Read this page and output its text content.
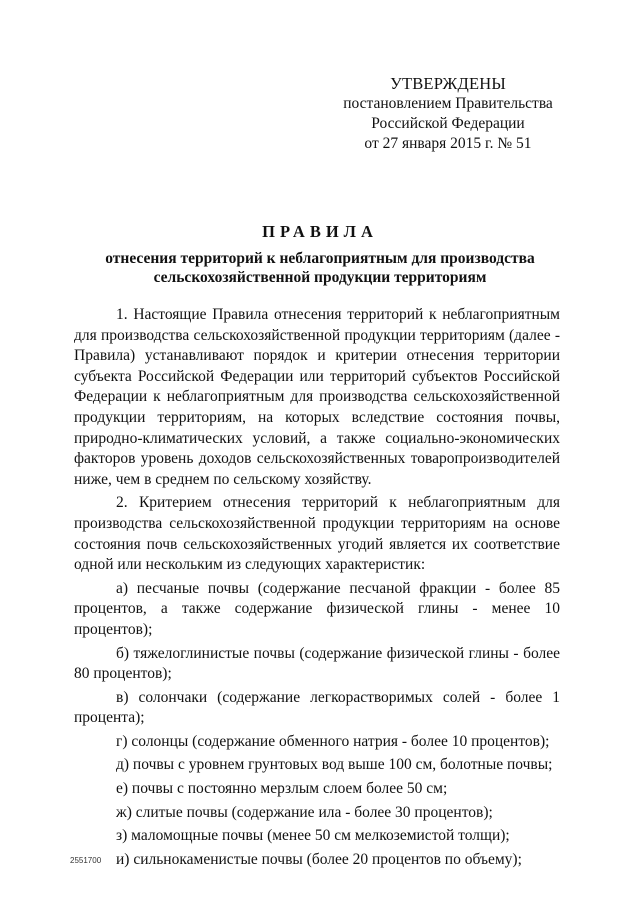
УТВЕРЖДЕНЫ
постановлением Правительства
Российской Федерации
от 27 января 2015 г. № 51
ПРАВИЛА
отнесения территорий к неблагоприятным для производства
сельскохозяйственной продукции территориям

1. Настоящие Правила отнесения территорий к неблагоприятным для производства сельскохозяйственной продукции территориям (далее - Правила) устанавливают порядок и критерии отнесения территории субъекта Российской Федерации или территорий субъектов Российской Федерации к неблагоприятным для производства сельскохозяйственной продукции территориям, на которых вследствие состояния почвы, природно-климатических условий, а также социально-экономических факторов уровень доходов сельскохозяйственных товаропроизводителей ниже, чем в среднем по сельскому хозяйству.

2. Критерием отнесения территорий к неблагоприятным для производства сельскохозяйственной продукции территориям на основе состояния почв сельскохозяйственных угодий является их соответствие одной или нескольким из следующих характеристик:

а) песчаные почвы (содержание песчаной фракции - более 85 процентов, а также содержание физической глины - менее 10 процентов);

б) тяжелоглинистые почвы (содержание физической глины - более 80 процентов);

в) солончаки (содержание легкорастворимых солей - более 1 процента);

г) солонцы (содержание обменного натрия - более 10 процентов);

д) почвы с уровнем грунтовых вод выше 100 см, болотные почвы;

е) почвы с постоянно мерзлым слоем более 50 см;

ж) слитые почвы (содержание ила - более 30 процентов);

з) маломощные почвы (менее 50 см мелкоземистой толщи);

и) сильнокаменистые почвы (более 20 процентов по объему);

2551700
